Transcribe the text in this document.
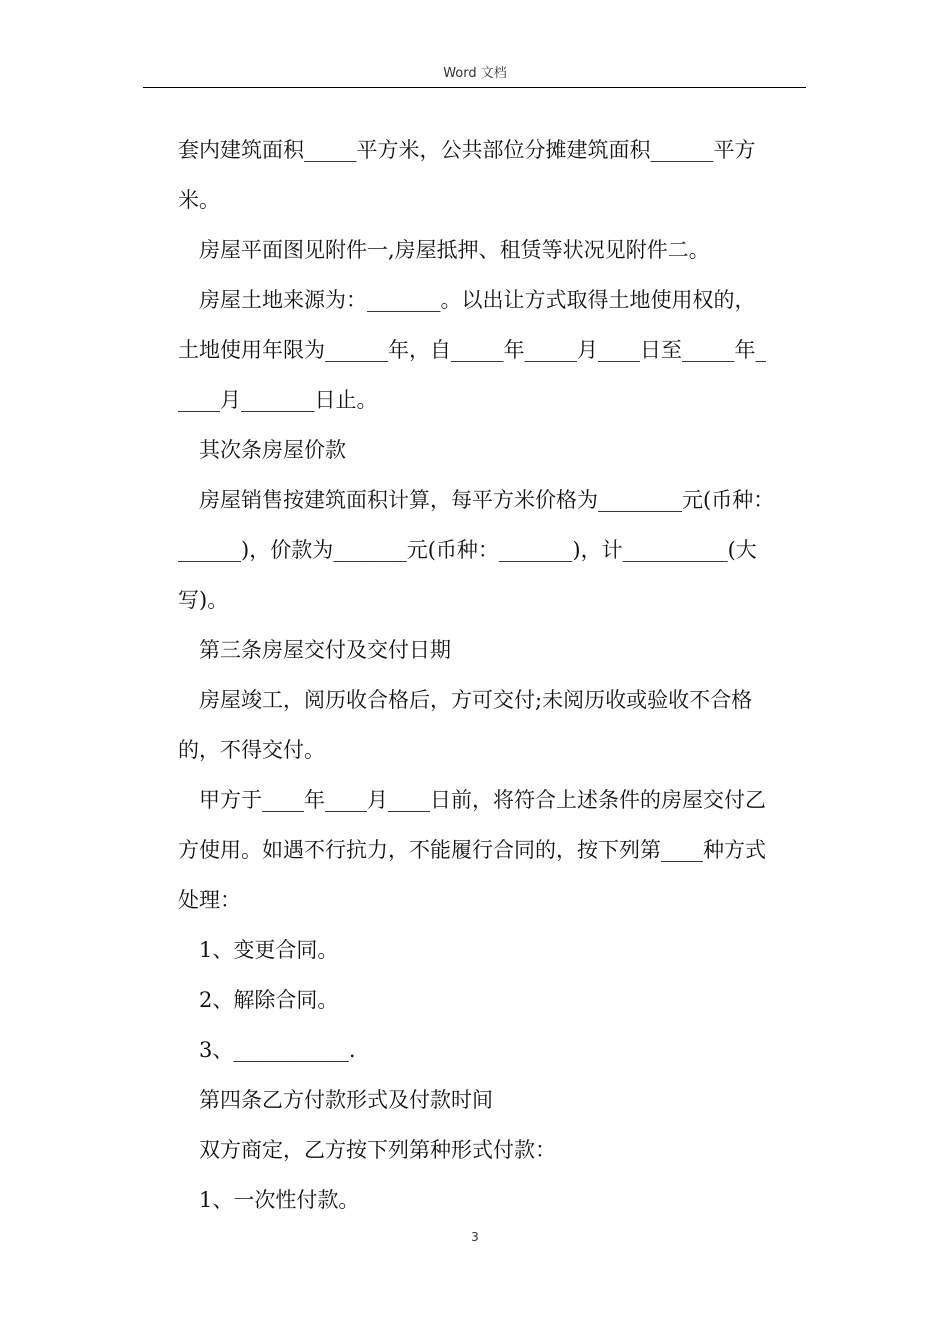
Word 文档

套内建筑面积_____平方米，公共部位分摊建筑面积______平方

米。

房屋平面图见附件一,房屋抵押、租赁等状况见附件二。

房屋土地来源为：_______。以出让方式取得土地使用权的，

土地使用年限为______年，自_____年_____月____日至_____年_

____月_______日止。

其次条房屋价款

房屋销售按建筑面积计算，每平方米价格为________元(币种：

______)，价款为_______元(币种：_______)，计__________(大

写)。

第三条房屋交付及交付日期

房屋竣工，阅历收合格后，方可交付;未阅历收或验收不合格

的，不得交付。

甲方于____年____月____日前，将符合上述条件的房屋交付乙

方使用。如遇不行抗力，不能履行合同的，按下列第____种方式

处理：

1、变更合同。

2、解除合同。

3、___________.

第四条乙方付款形式及付款时间

双方商定，乙方按下列第种形式付款：

1、一次性付款。

3
